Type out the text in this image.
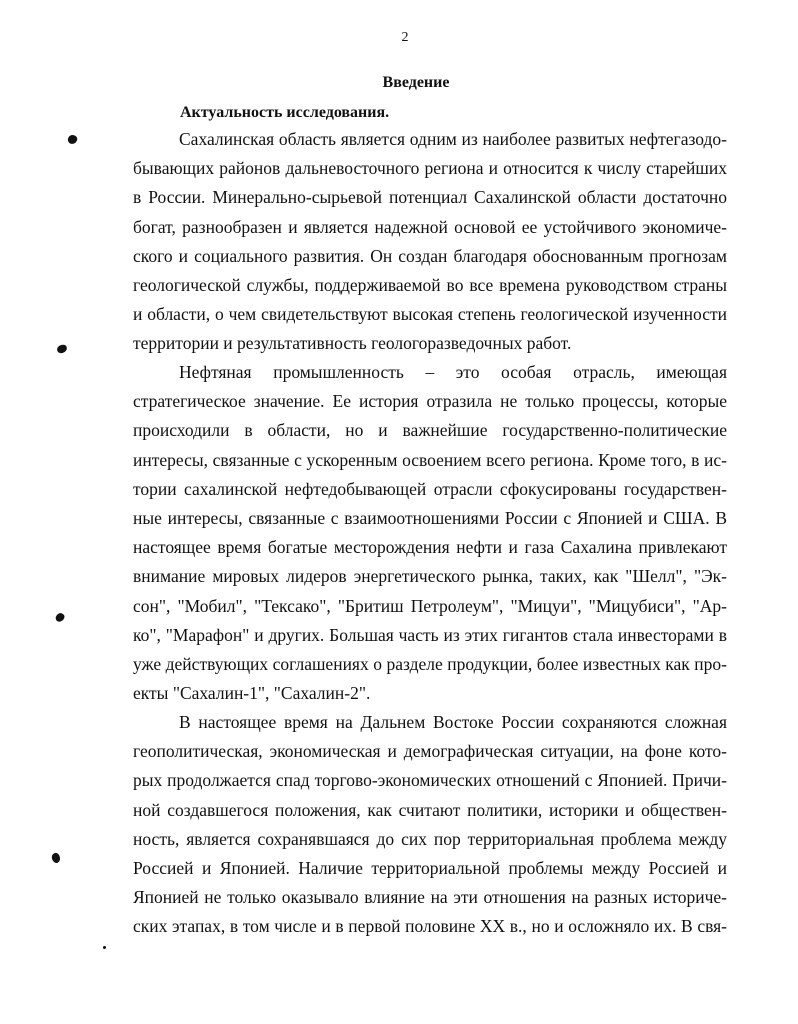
2
Введение
Актуальность исследования.
Сахалинская область является одним из наиболее развитых нефтегазодо-
бывающих районов дальневосточного региона и относится к числу старейших
в России. Минерально-сырьевой потенциал Сахалинской области достаточно
богат, разнообразен и является надежной основой ее устойчивого экономиче-
ского и социального развития. Он создан благодаря обоснованным прогнозам
геологической службы, поддерживаемой во все времена руководством страны
и области, о чем свидетельствуют высокая степень геологической изученности
территории и результативность геологоразведочных работ.
Нефтяная промышленность – это особая отрасль, имеющая
стратегическое значение. Ее история отразила не только процессы, которые
происходили в области, но и важнейшие государственно-политические
интересы, связанные с ускоренным освоением всего региона. Кроме того, в ис-
тории сахалинской нефтедобывающей отрасли сфокусированы государствен-
ные интересы, связанные с взаимоотношениями России с Японией и США. В
настоящее время богатые месторождения нефти и газа Сахалина привлекают
внимание мировых лидеров энергетического рынка, таких, как "Шелл", "Эк-
сон", "Мобил", "Тексако", "Бритиш Петролеум", "Мицуи", "Мицубиси", "Ар-
ко", "Марафон" и других. Большая часть из этих гигантов стала инвесторами в
уже действующих соглашениях о разделе продукции, более известных как про-
екты "Сахалин-1", "Сахалин-2".
В настоящее время на Дальнем Востоке России сохраняются сложная
геополитическая, экономическая и демографическая ситуации, на фоне кото-
рых продолжается спад торгово-экономических отношений с Японией. Причи-
ной создавшегося положения, как считают политики, историки и обществен-
ность, является сохранявшаяся до сих пор территориальная проблема между
Россией и Японией. Наличие территориальной проблемы между Россией и
Японией не только оказывало влияние на эти отношения на разных историче-
ских этапах, в том числе и в первой половине XX в., но и осложняло их. В свя-
